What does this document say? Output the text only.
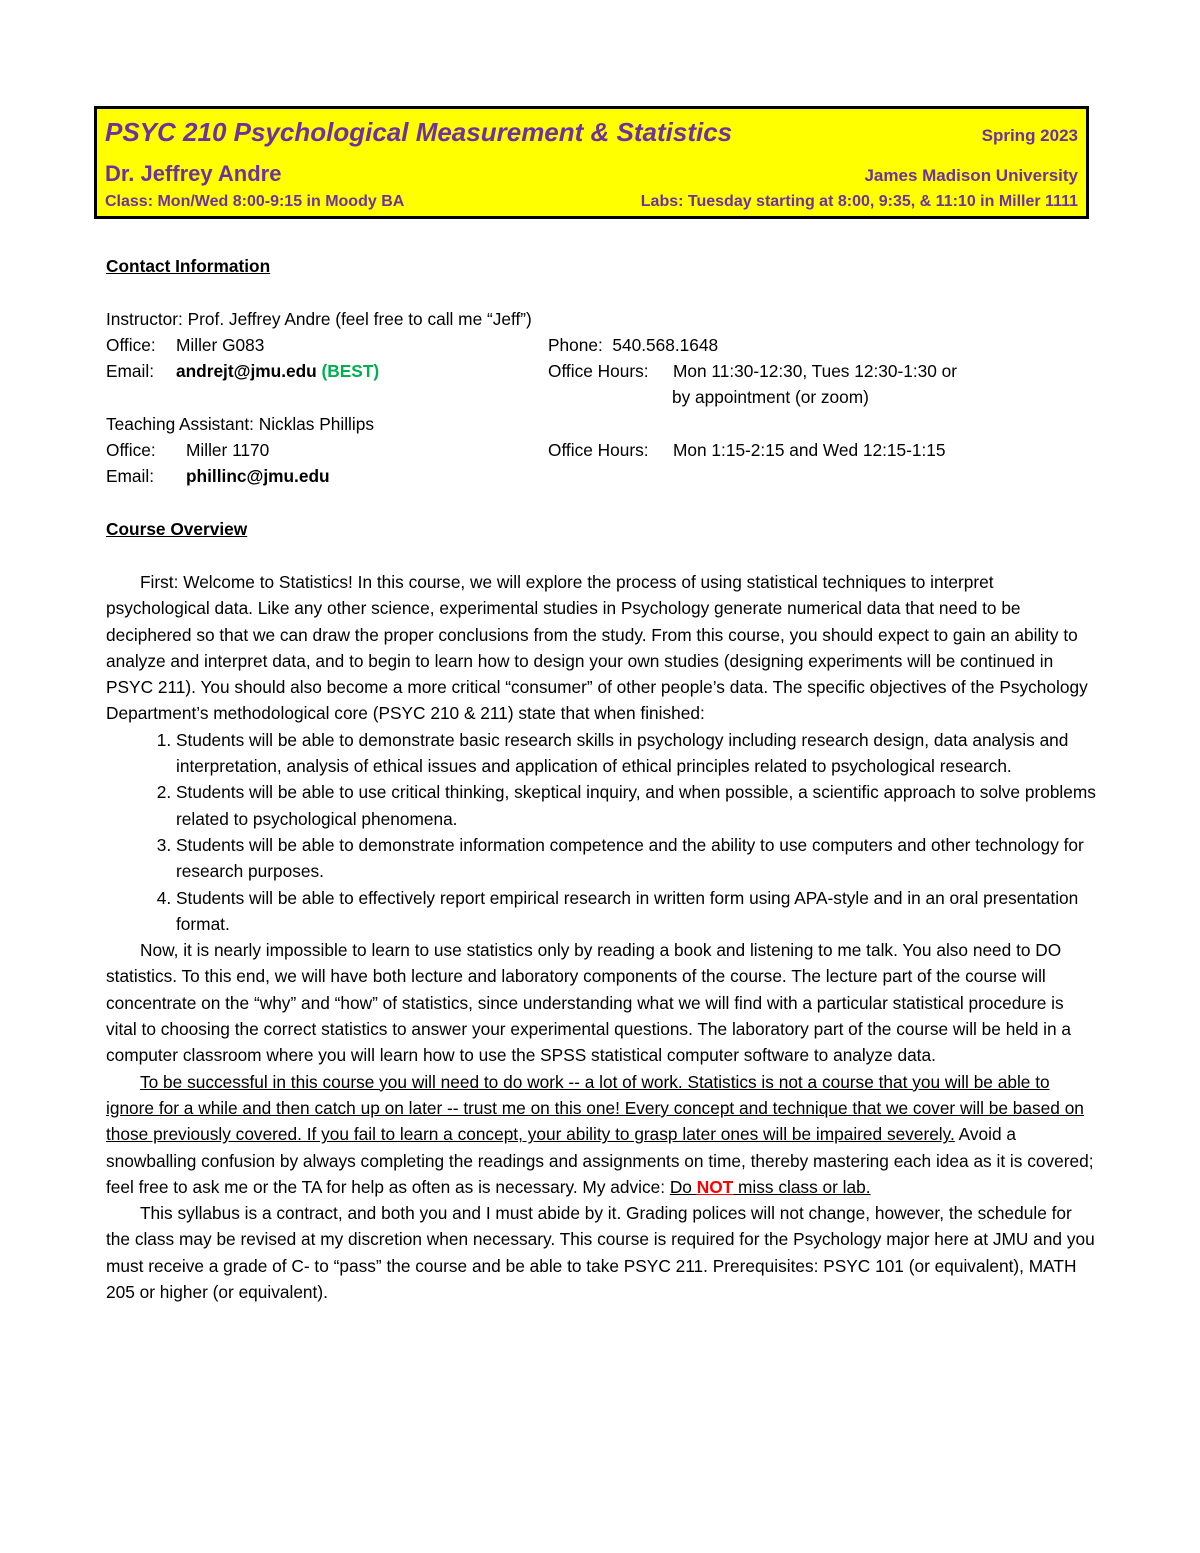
PSYC 210 Psychological Measurement & Statistics	Spring 2023
Dr. Jeffrey Andre	James Madison University
Class: Mon/Wed 8:00-9:15 in Moody BA	Labs: Tuesday starting at 8:00, 9:35, & 11:10 in Miller 1111
Contact Information
Instructor: Prof. Jeffrey Andre (feel free to call me “Jeff”)
Office: Miller G083	Phone: 540.568.1648
Email: andrejt@jmu.edu (BEST)	Office Hours: Mon 11:30-12:30, Tues 12:30-1:30 or
by appointment (or zoom)
Teaching Assistant: Nicklas Phillips
Office: Miller 1170	Office Hours: Mon 1:15-2:15 and Wed 12:15-1:15
Email: phillinc@jmu.edu
Course Overview

First: Welcome to Statistics! In this course, we will explore the process of using statistical techniques to interpret psychological data. Like any other science, experimental studies in Psychology generate numerical data that need to be deciphered so that we can draw the proper conclusions from the study. From this course, you should expect to gain an ability to analyze and interpret data, and to begin to learn how to design your own studies (designing experiments will be continued in PSYC 211). You should also become a more critical “consumer” of other people’s data. The specific objectives of the Psychology Department’s methodological core (PSYC 210 & 211) state that when finished:

1. Students will be able to demonstrate basic research skills in psychology including research design, data analysis and interpretation, analysis of ethical issues and application of ethical principles related to psychological research.
2. Students will be able to use critical thinking, skeptical inquiry, and when possible, a scientific approach to solve problems related to psychological phenomena.
3. Students will be able to demonstrate information competence and the ability to use computers and other technology for research purposes.
4. Students will be able to effectively report empirical research in written form using APA-style and in an oral presentation format.

Now, it is nearly impossible to learn to use statistics only by reading a book and listening to me talk. You also need to DO statistics. To this end, we will have both lecture and laboratory components of the course. The lecture part of the course will concentrate on the “why” and “how” of statistics, since understanding what we will find with a particular statistical procedure is vital to choosing the correct statistics to answer your experimental questions. The laboratory part of the course will be held in a computer classroom where you will learn how to use the SPSS statistical computer software to analyze data.

To be successful in this course you will need to do work -- a lot of work. Statistics is not a course that you will be able to ignore for a while and then catch up on later -- trust me on this one! Every concept and technique that we cover will be based on those previously covered. If you fail to learn a concept, your ability to grasp later ones will be impaired severely. Avoid a snowballing confusion by always completing the readings and assignments on time, thereby mastering each idea as it is covered; feel free to ask me or the TA for help as often as is necessary. My advice: Do NOT miss class or lab.

This syllabus is a contract, and both you and I must abide by it. Grading polices will not change, however, the schedule for the class may be revised at my discretion when necessary. This course is required for the Psychology major here at JMU and you must receive a grade of C- to “pass” the course and be able to take PSYC 211. Prerequisites: PSYC 101 (or equivalent), MATH 205 or higher (or equivalent).
